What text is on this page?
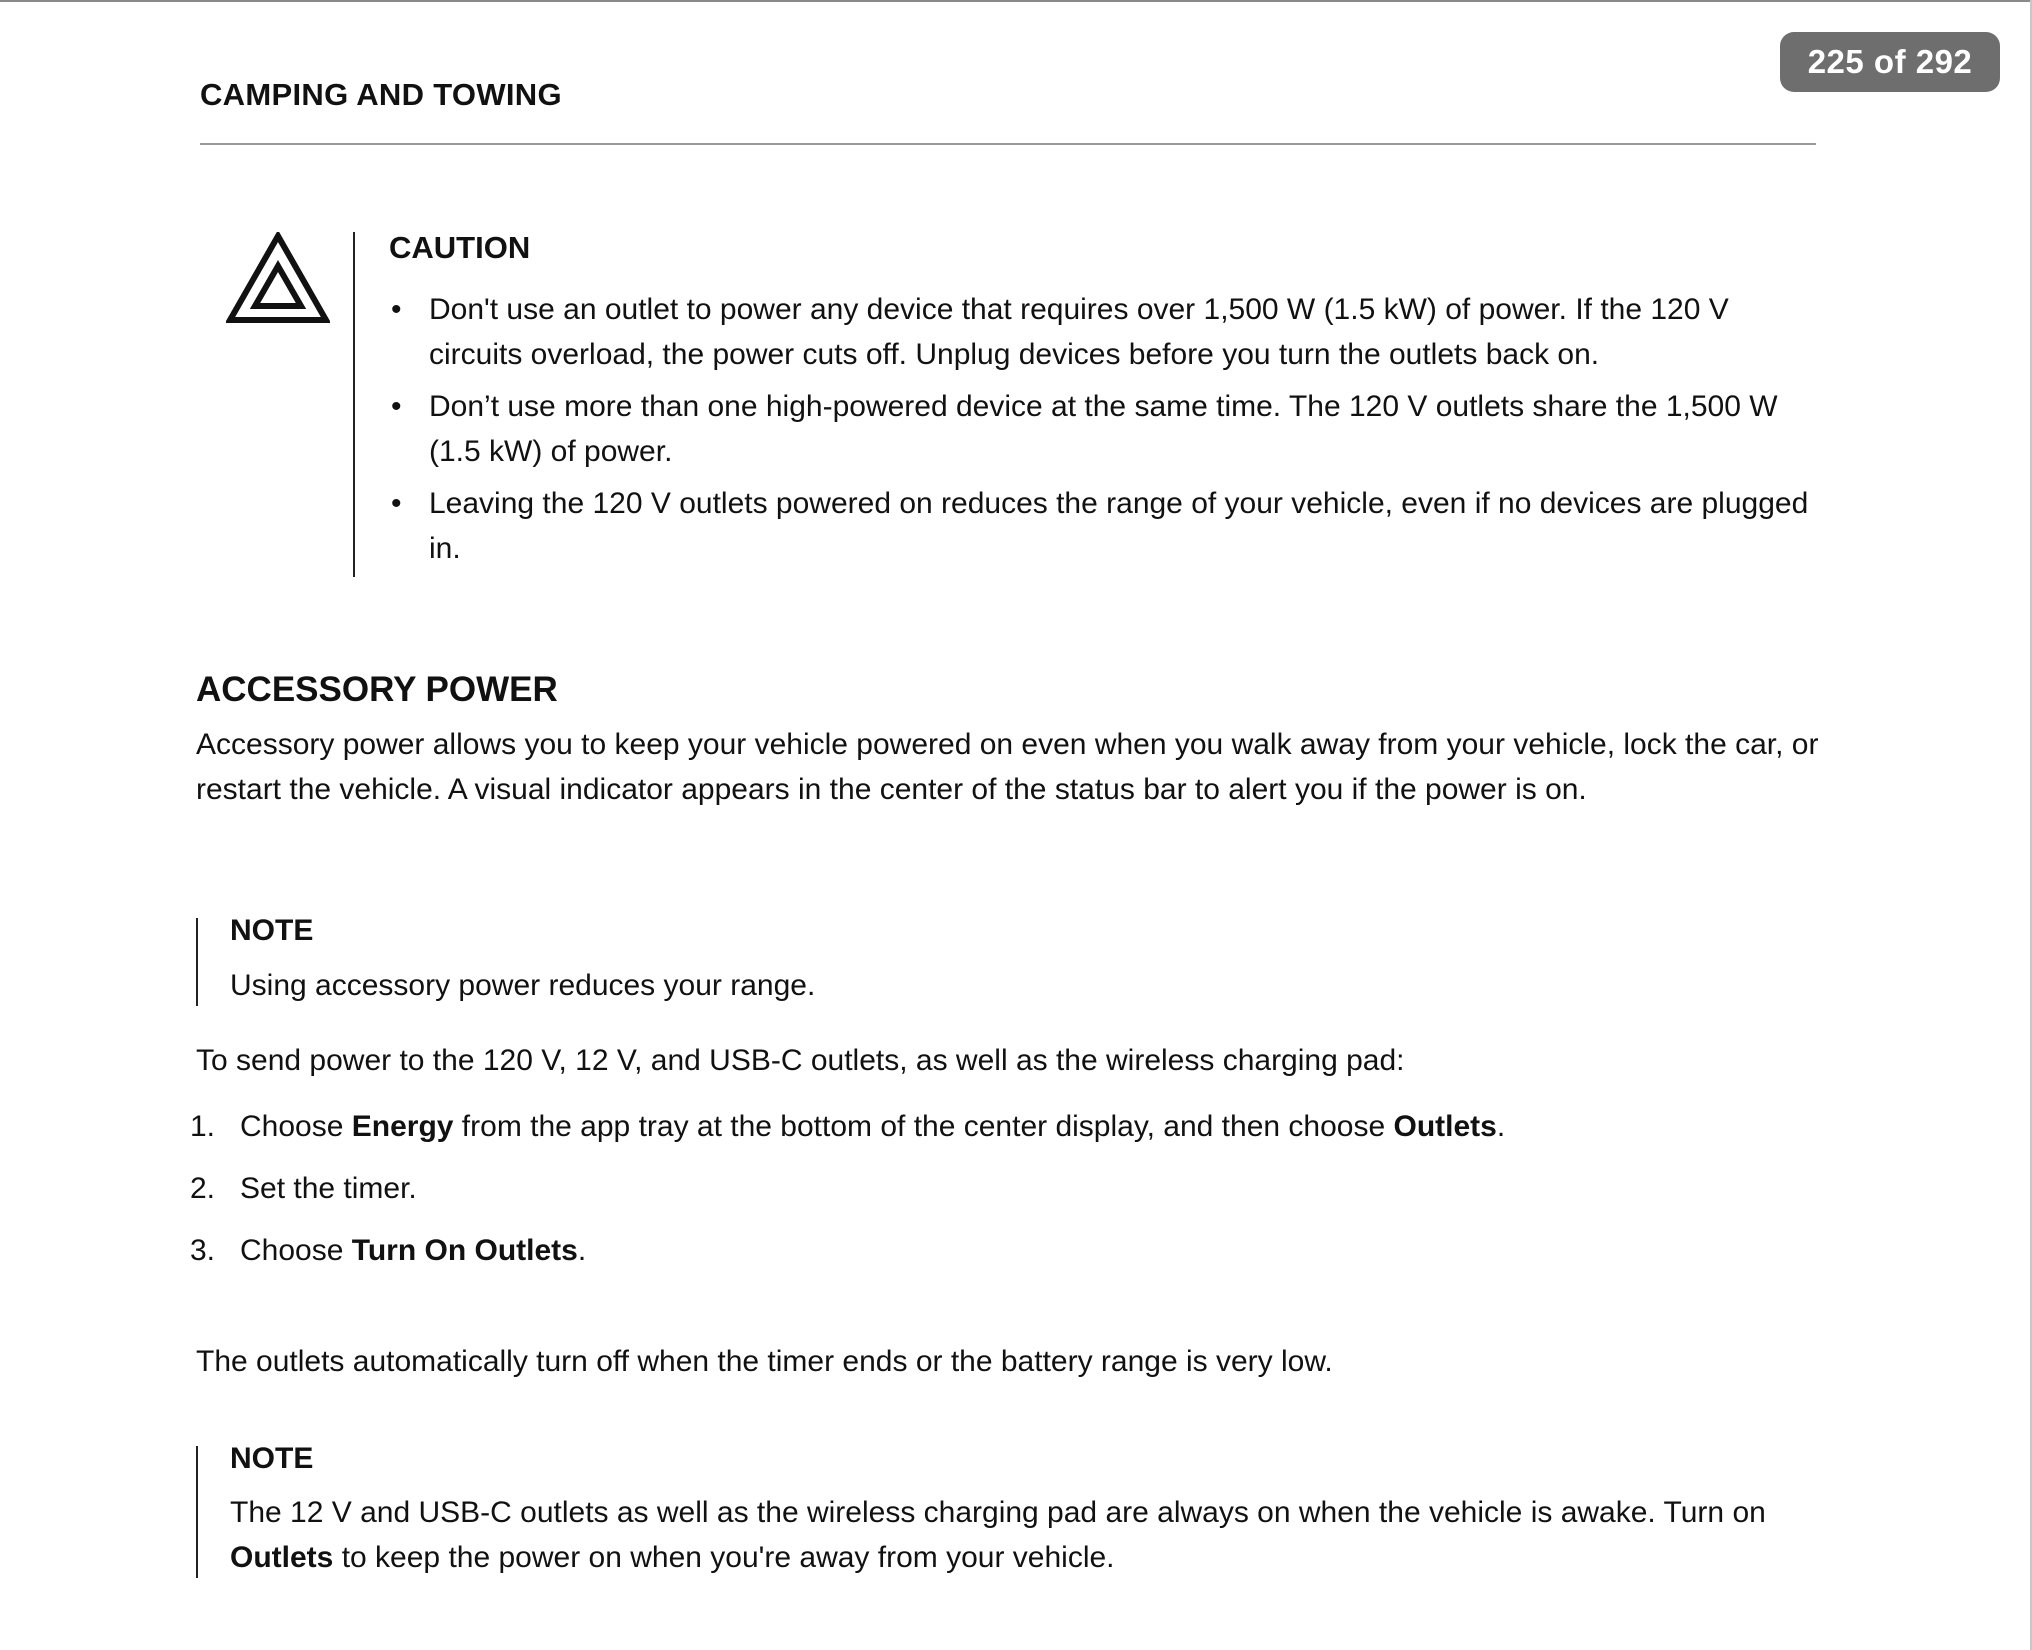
225 of 292
CAMPING AND TOWING
CAUTION
• Don't use an outlet to power any device that requires over 1,500 W (1.5 kW) of power. If the 120 V circuits overload, the power cuts off. Unplug devices before you turn the outlets back on.
• Don’t use more than one high-powered device at the same time. The 120 V outlets share the 1,500 W (1.5 kW) of power.
• Leaving the 120 V outlets powered on reduces the range of your vehicle, even if no devices are plugged in.
ACCESSORY POWER

Accessory power allows you to keep your vehicle powered on even when you walk away from your vehicle, lock the car, or restart the vehicle. A visual indicator appears in the center of the status bar to alert you if the power is on.

NOTE

Using accessory power reduces your range.

To send power to the 120 V, 12 V, and USB-C outlets, as well as the wireless charging pad:

1. Choose Energy from the app tray at the bottom of the center display, and then choose Outlets.
2. Set the timer.
3. Choose Turn On Outlets.

The outlets automatically turn off when the timer ends or the battery range is very low.

NOTE

The 12 V and USB-C outlets as well as the wireless charging pad are always on when the vehicle is awake. Turn on Outlets to keep the power on when you're away from your vehicle.
